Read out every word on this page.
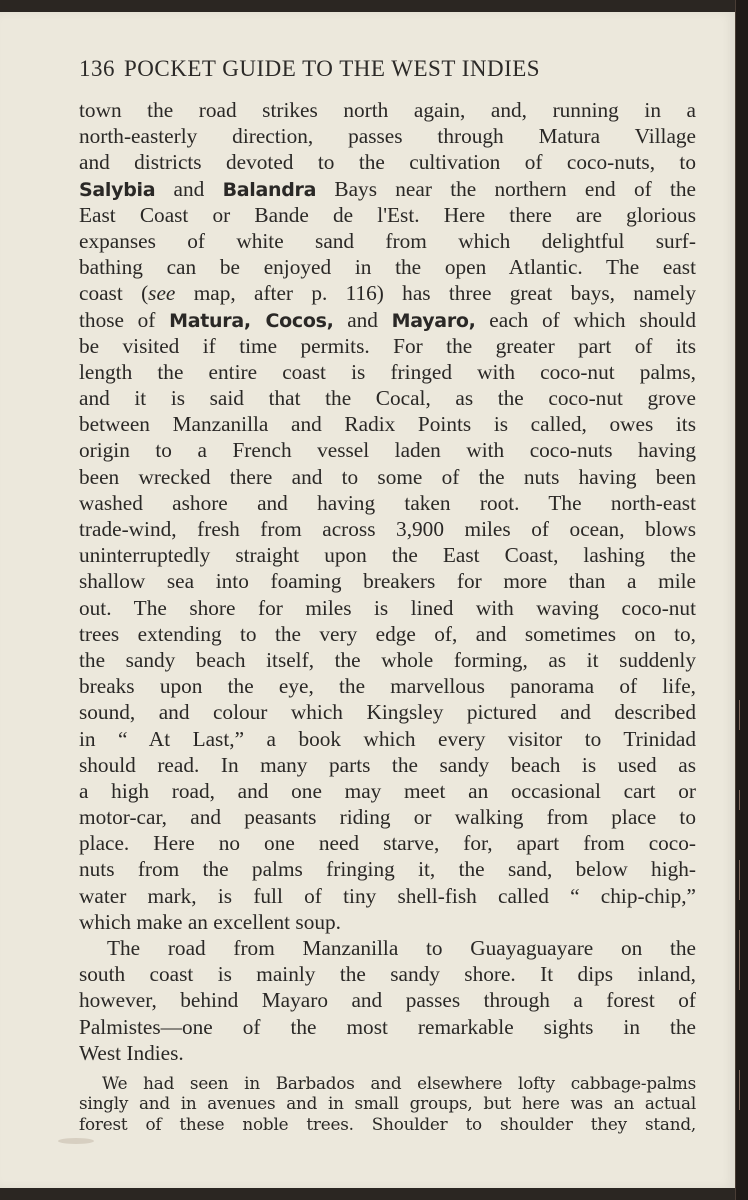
136 POCKET GUIDE TO THE WEST INDIES
town the road strikes north again, and, running in a
north-easterly direction, passes through Matura Village
and districts devoted to the cultivation of coco-nuts, to
Salybia and Balandra Bays near the northern end of the
East Coast or Bande de l'Est. Here there are glorious
expanses of white sand from which delightful surf-
bathing can be enjoyed in the open Atlantic. The east
coast (see map, after p. 116) has three great bays, namely
those of Matura, Cocos, and Mayaro, each of which should
be visited if time permits. For the greater part of its
length the entire coast is fringed with coco-nut palms,
and it is said that the Cocal, as the coco-nut grove
between Manzanilla and Radix Points is called, owes its
origin to a French vessel laden with coco-nuts having
been wrecked there and to some of the nuts having been
washed ashore and having taken root. The north-east
trade-wind, fresh from across 3,900 miles of ocean, blows
uninterruptedly straight upon the East Coast, lashing the
shallow sea into foaming breakers for more than a mile
out. The shore for miles is lined with waving coco-nut
trees extending to the very edge of, and sometimes on to,
the sandy beach itself, the whole forming, as it suddenly
breaks upon the eye, the marvellous panorama of life,
sound, and colour which Kingsley pictured and described
in “ At Last,” a book which every visitor to Trinidad
should read. In many parts the sandy beach is used as
a high road, and one may meet an occasional cart or
motor-car, and peasants riding or walking from place to
place. Here no one need starve, for, apart from coco-
nuts from the palms fringing it, the sand, below high-
water mark, is full of tiny shell-fish called “ chip-chip,”
which make an excellent soup.
The road from Manzanilla to Guayaguayare on the
south coast is mainly the sandy shore. It dips inland,
however, behind Mayaro and passes through a forest of
Palmistes—one of the most remarkable sights in the
West Indies.
We had seen in Barbados and elsewhere lofty cabbage-palms
singly and in avenues and in small groups, but here was an actual
forest of these noble trees. Shoulder to shoulder they stand,
